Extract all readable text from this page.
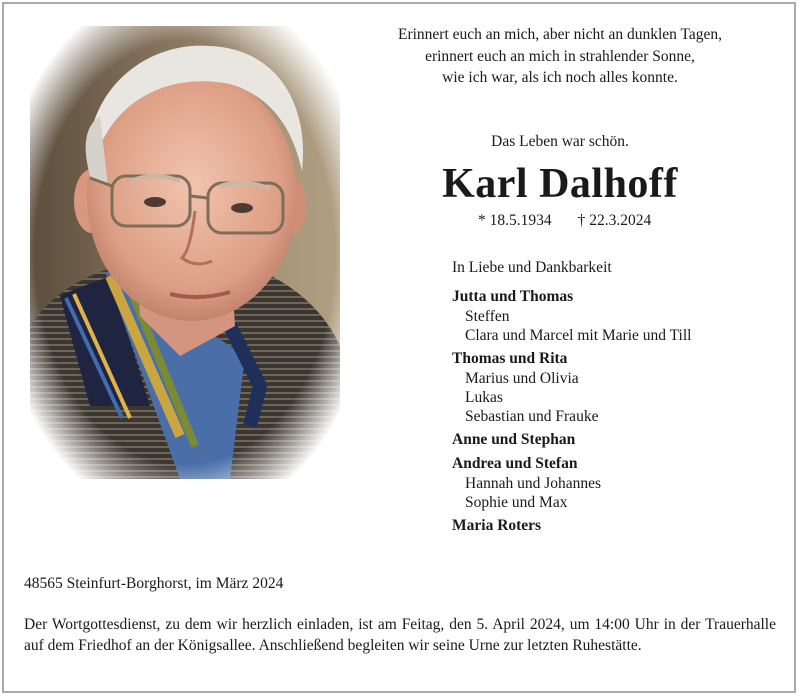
Erinnert euch an mich, aber nicht an dunklen Tagen,
erinnert euch an mich in strahlender Sonne,
wie ich war, als ich noch alles konnte.
Das Leben war schön.
Karl Dalhoff
* 18.5.1934 † 22.3.2024
In Liebe und Dankbarkeit
Jutta und Thomas
Steffen
Clara und Marcel mit Marie und Till
Thomas und Rita
Marius und Olivia
Lukas
Sebastian und Frauke
Anne und Stephan
Andrea und Stefan
Hannah und Johannes
Sophie und Max
Maria Roters
48565 Steinfurt-Borghorst, im März 2024
Der Wortgottesdienst, zu dem wir herzlich einladen, ist am Feitag, den 5. April 2024, um 14:00 Uhr in der Trauerhalle auf dem Friedhof an der Königsallee. Anschließend begleiten wir seine Urne zur letzten Ruhestätte.
